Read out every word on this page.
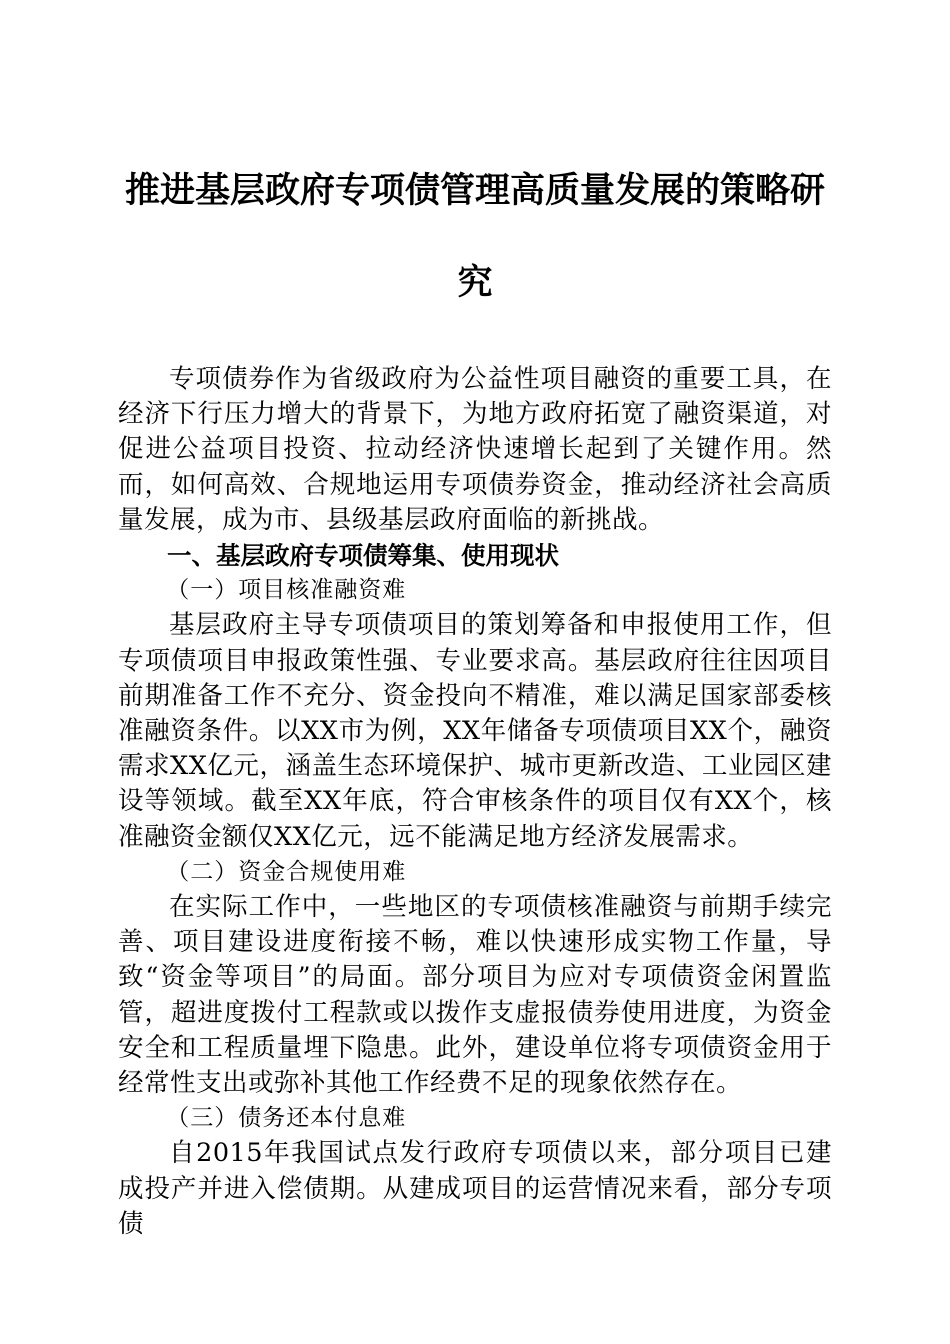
推进基层政府专项债管理高质量发展的策略研究

专项债券作为省级政府为公益性项目融资的重要工具，在经济下行压力增大的背景下，为地方政府拓宽了融资渠道，对促进公益项目投资、拉动经济快速增长起到了关键作用。然而，如何高效、合规地运用专项债券资金，推动经济社会高质量发展，成为市、县级基层政府面临的新挑战。

一、基层政府专项债筹集、使用现状

（一）项目核准融资难

基层政府主导专项债项目的策划筹备和申报使用工作，但专项债项目申报政策性强、专业要求高。基层政府往往因项目前期准备工作不充分、资金投向不精准，难以满足国家部委核准融资条件。以XX市为例，XX年储备专项债项目XX个，融资需求XX亿元，涵盖生态环境保护、城市更新改造、工业园区建设等领域。截至XX年底，符合审核条件的项目仅有XX个，核准融资金额仅XX亿元，远不能满足地方经济发展需求。

（二）资金合规使用难

在实际工作中，一些地区的专项债核准融资与前期手续完善、项目建设进度衔接不畅，难以快速形成实物工作量，导致“资金等项目”的局面。部分项目为应对专项债资金闲置监管，超进度拨付工程款或以拨作支虚报债券使用进度，为资金安全和工程质量埋下隐患。此外，建设单位将专项债资金用于经常性支出或弥补其他工作经费不足的现象依然存在。

（三）债务还本付息难

自2015年我国试点发行政府专项债以来，部分项目已建成投产并进入偿债期。从建成项目的运营情况来看，部分专项债
